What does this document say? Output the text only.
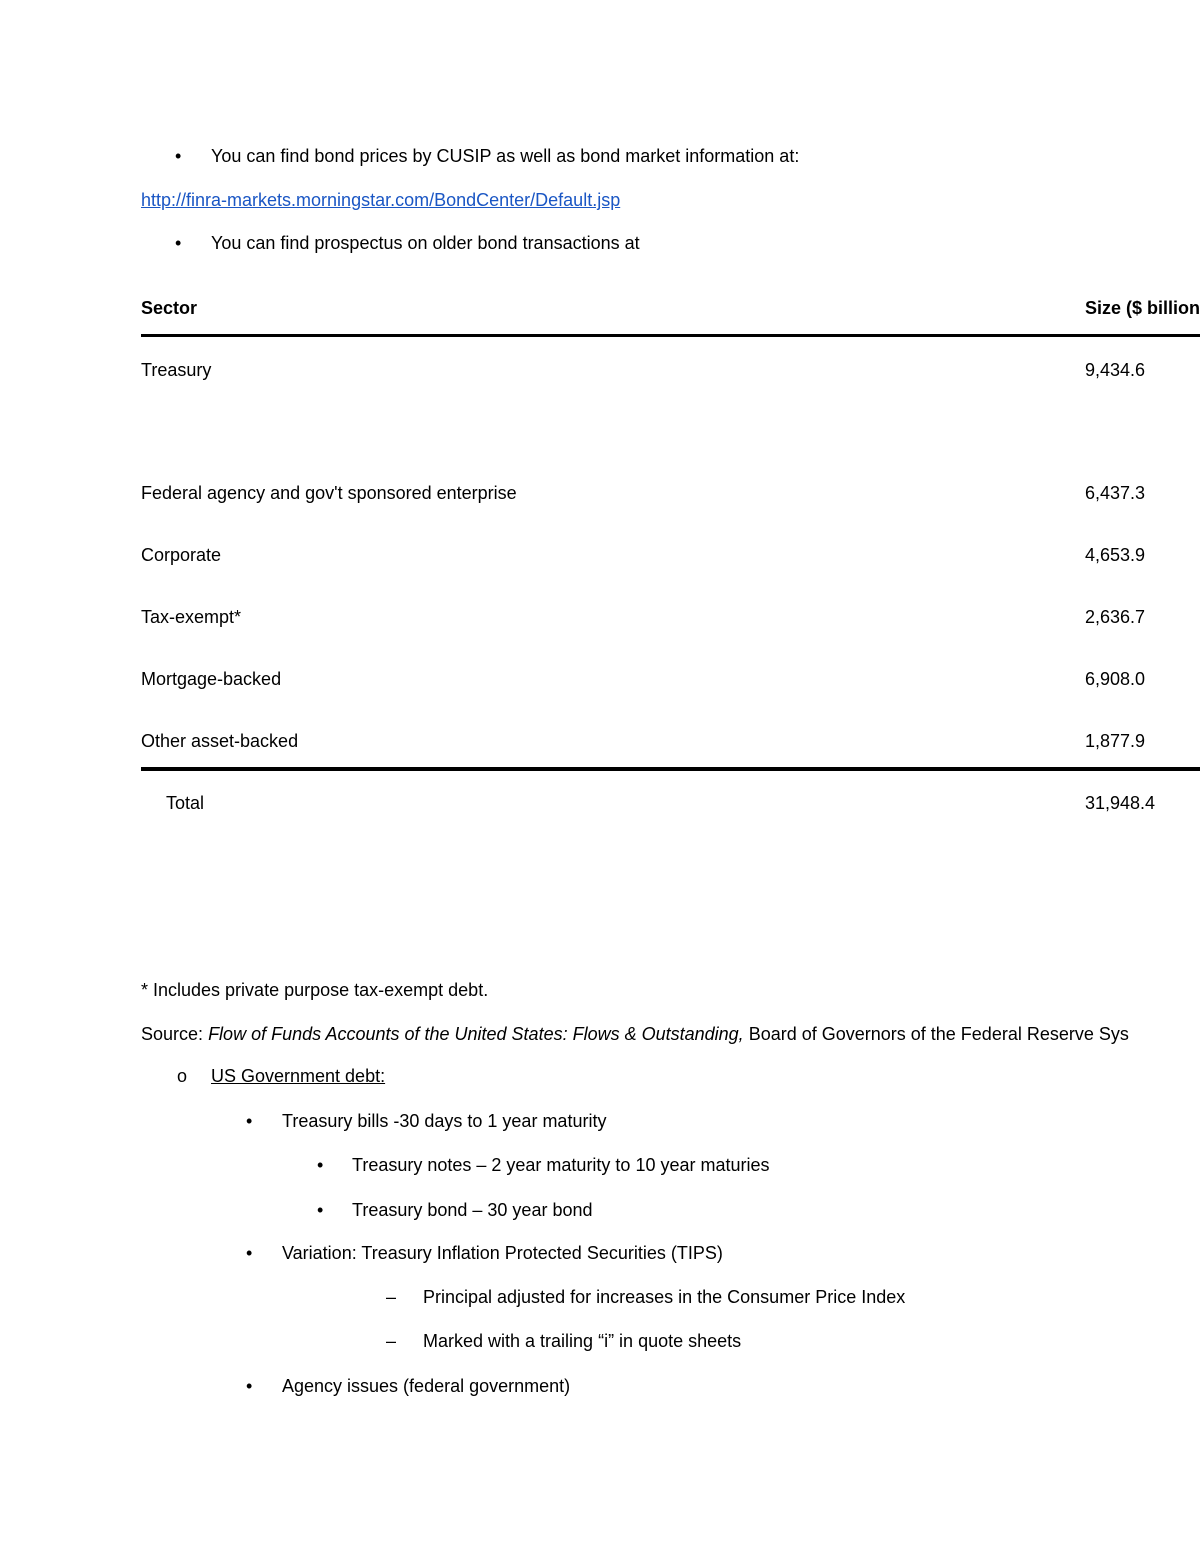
• You can find bond prices by CUSIP as well as bond market information at:
http://finra-markets.morningstar.com/BondCenter/Default.jsp
• You can find prospectus on older bond transactions at
Sector	Size ($ billion
Treasury	9,434.6
Federal agency and gov't sponsored enterprise	6,437.3
Corporate	4,653.9
Tax-exempt*	2,636.7
Mortgage-backed	6,908.0
Other asset-backed	1,877.9
Total	31,948.4
* Includes private purpose tax-exempt debt.
Source: Flow of Funds Accounts of the United States: Flows & Outstanding, Board of Governors of the Federal Reserve Sys
o US Government debt:
• Treasury bills -30 days to 1 year maturity
• Treasury notes – 2 year maturity to 10 year maturies
• Treasury bond – 30 year bond
• Variation: Treasury Inflation Protected Securities (TIPS)
– Principal adjusted for increases in the Consumer Price Index
– Marked with a trailing “i” in quote sheets
• Agency issues (federal government)
